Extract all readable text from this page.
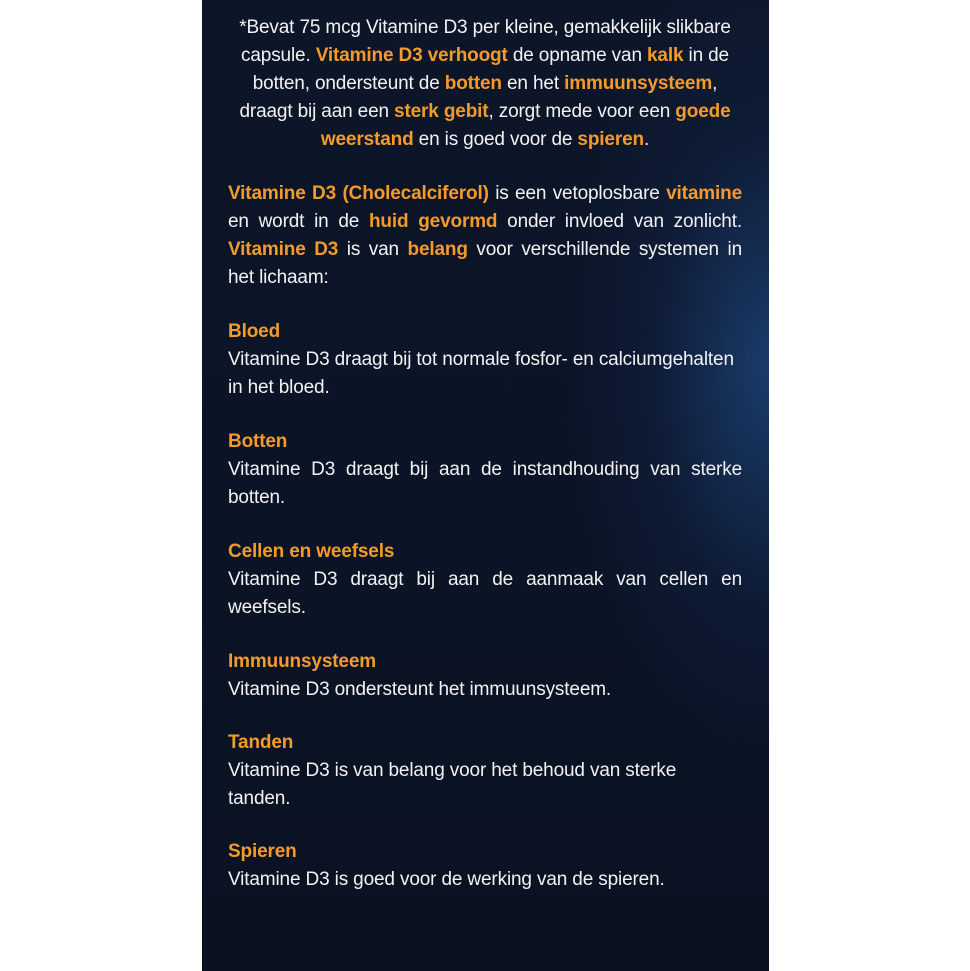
*Bevat 75 mcg Vitamine D3 per kleine, gemakkelijk slikbare capsule. Vitamine D3 verhoogt de opname van kalk in de botten, ondersteunt de botten en het immuunsysteem, draagt bij aan een sterk gebit, zorgt mede voor een goede weerstand en is goed voor de spieren.

Vitamine D3 (Cholecalciferol) is een vetoplosbare vitamine en wordt in de huid gevormd onder invloed van zonlicht. Vitamine D3 is van belang voor verschillende systemen in het lichaam:

Bloed
Vitamine D3 draagt bij tot normale fosfor- en calciumgehalten in het bloed.
Botten
Vitamine D3 draagt bij aan de instandhouding van sterke botten.
Cellen en weefsels
Vitamine D3 draagt bij aan de aanmaak van cellen en weefsels.
Immuunsysteem
Vitamine D3 ondersteunt het immuunsysteem.
Tanden
Vitamine D3 is van belang voor het behoud van sterke tanden.
Spieren
Vitamine D3 is goed voor de werking van de spieren.
